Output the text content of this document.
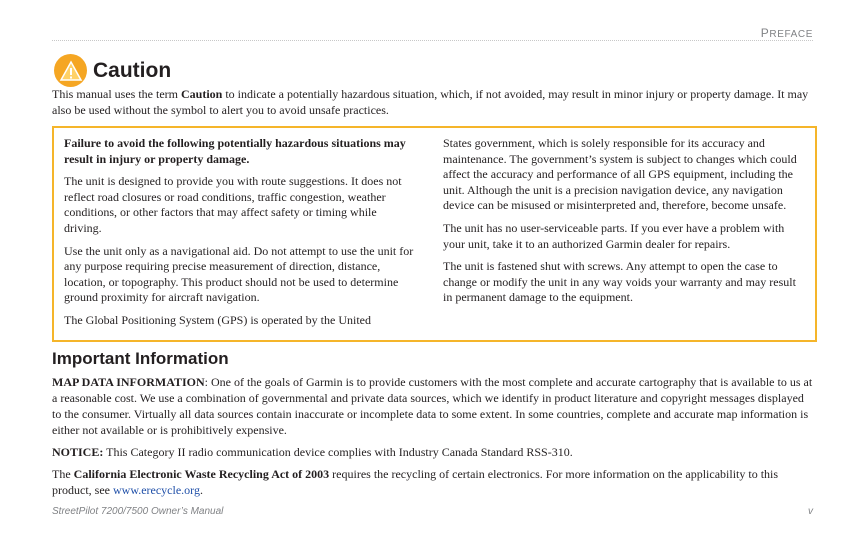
PREFACE
Caution
This manual uses the term Caution to indicate a potentially hazardous situation, which, if not avoided, may result in minor injury or property damage. It may also be used without the symbol to alert you to avoid unsafe practices.

Failure to avoid the following potentially hazardous situations may result in injury or property damage.

The unit is designed to provide you with route suggestions. It does not reflect road closures or road conditions, traffic congestion, weather conditions, or other factors that may affect safety or timing while driving.

Use the unit only as a navigational aid. Do not attempt to use the unit for any purpose requiring precise measurement of direction, distance, location, or topography. This product should not be used to determine ground proximity for aircraft navigation.

The Global Positioning System (GPS) is operated by the United

States government, which is solely responsible for its accuracy and maintenance. The government’s system is subject to changes which could affect the accuracy and performance of all GPS equipment, including the unit. Although the unit is a precision navigation device, any navigation device can be misused or misinterpreted and, therefore, become unsafe.

The unit has no user-serviceable parts. If you ever have a problem with your unit, take it to an authorized Garmin dealer for repairs.

The unit is fastened shut with screws. Any attempt to open the case to change or modify the unit in any way voids your warranty and may result in permanent damage to the equipment.

Important Information

MAP DATA INFORMATION: One of the goals of Garmin is to provide customers with the most complete and accurate cartography that is available to us at a reasonable cost. We use a combination of governmental and private data sources, which we identify in product literature and copyright messages displayed to the consumer. Virtually all data sources contain inaccurate or incomplete data to some extent. In some countries, complete and accurate map information is either not available or is prohibitively expensive.

NOTICE: This Category II radio communication device complies with Industry Canada Standard RSS-310.

The California Electronic Waste Recycling Act of 2003 requires the recycling of certain electronics. For more information on the applicability to this product, see www.erecycle.org.

StreetPilot 7200/7500 Owner’s Manual	v
